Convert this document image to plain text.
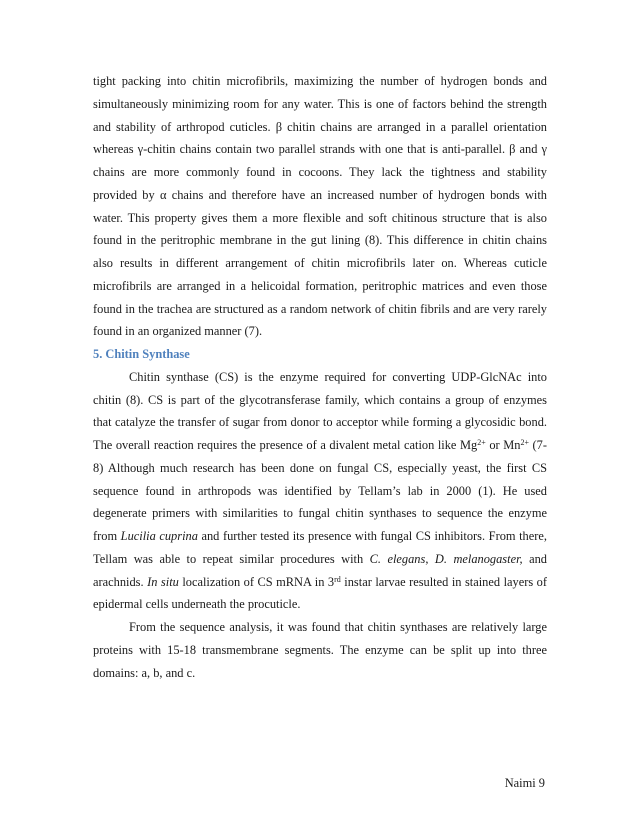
tight packing into chitin microfibrils, maximizing the number of hydrogen bonds and simultaneously minimizing room for any water. This is one of factors behind the strength and stability of arthropod cuticles. β chitin chains are arranged in a parallel orientation whereas γ-chitin chains contain two parallel strands with one that is anti-parallel. β and γ chains are more commonly found in cocoons. They lack the tightness and stability provided by α chains and therefore have an increased number of hydrogen bonds with water. This property gives them a more flexible and soft chitinous structure that is also found in the peritrophic membrane in the gut lining (8). This difference in chitin chains also results in different arrangement of chitin microfibrils later on. Whereas cuticle microfibrils are arranged in a helicoidal formation, peritrophic matrices and even those found in the trachea are structured as a random network of chitin fibrils and are very rarely found in an organized manner (7).

5. Chitin Synthase

Chitin synthase (CS) is the enzyme required for converting UDP-GlcNAc into chitin (8). CS is part of the glycotransferase family, which contains a group of enzymes that catalyze the transfer of sugar from donor to acceptor while forming a glycosidic bond. The overall reaction requires the presence of a divalent metal cation like $Mg^{2+}$ or $Mn^{2+}$ (7-8) Although much research has been done on fungal CS, especially yeast, the first CS sequence found in arthropods was identified by Tellam’s lab in 2000 (1). He used degenerate primers with similarities to fungal chitin synthases to sequence the enzyme from Lucilia cuprina and further tested its presence with fungal CS inhibitors. From there, Tellam was able to repeat similar procedures with C. elegans, D. melanogaster, and arachnids. In situ localization of CS mRNA in 3rd instar larvae resulted in stained layers of epidermal cells underneath the procuticle.

From the sequence analysis, it was found that chitin synthases are relatively large proteins with 15-18 transmembrane segments. The enzyme can be split up into three domains: a, b, and c.

Naimi 9
